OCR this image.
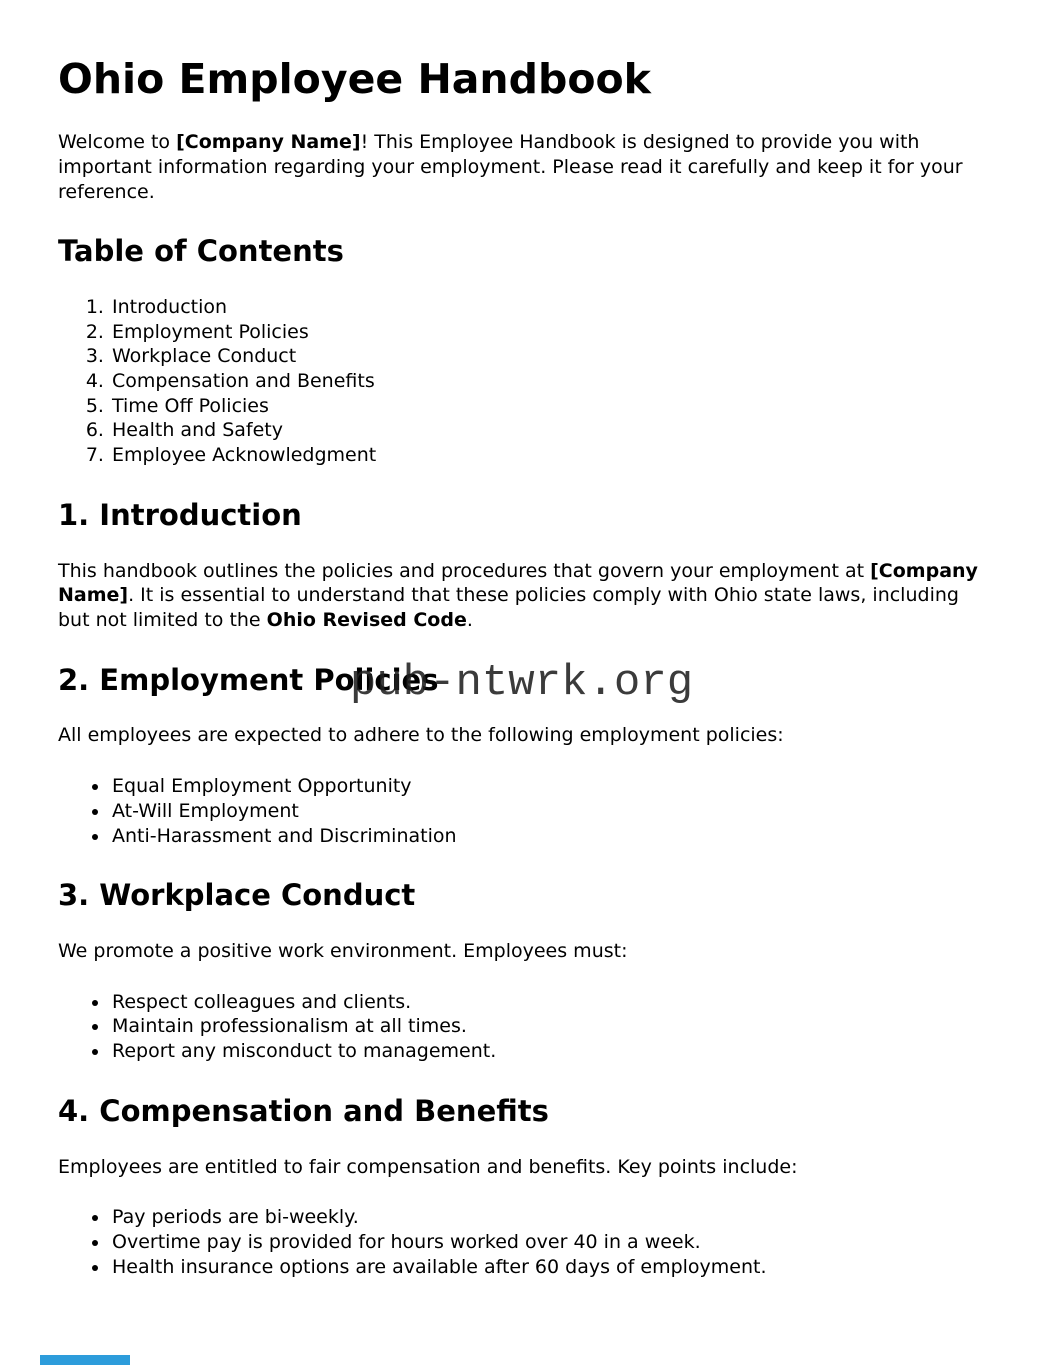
Ohio Employee Handbook

Welcome to [Company Name]! This Employee Handbook is designed to provide you with important information regarding your employment. Please read it carefully and keep it for your reference.

Table of Contents
1. Introduction
2. Employment Policies
3. Workplace Conduct
4. Compensation and Benefits
5. Time Off Policies
6. Health and Safety
7. Employee Acknowledgment
1. Introduction

This handbook outlines the policies and procedures that govern your employment at [Company Name]. It is essential to understand that these policies comply with Ohio state laws, including but not limited to the Ohio Revised Code.

2. Employment Policies

All employees are expected to adhere to the following employment policies:

• Equal Employment Opportunity
• At-Will Employment
• Anti-Harassment and Discrimination
3. Workplace Conduct

We promote a positive work environment. Employees must:

• Respect colleagues and clients.
• Maintain professionalism at all times.
• Report any misconduct to management.
4. Compensation and Benefits

Employees are entitled to fair compensation and benefits. Key points include:

• Pay periods are bi-weekly.
• Overtime pay is provided for hours worked over 40 in a week.
• Health insurance options are available after 60 days of employment.
pub-ntwrk.org
